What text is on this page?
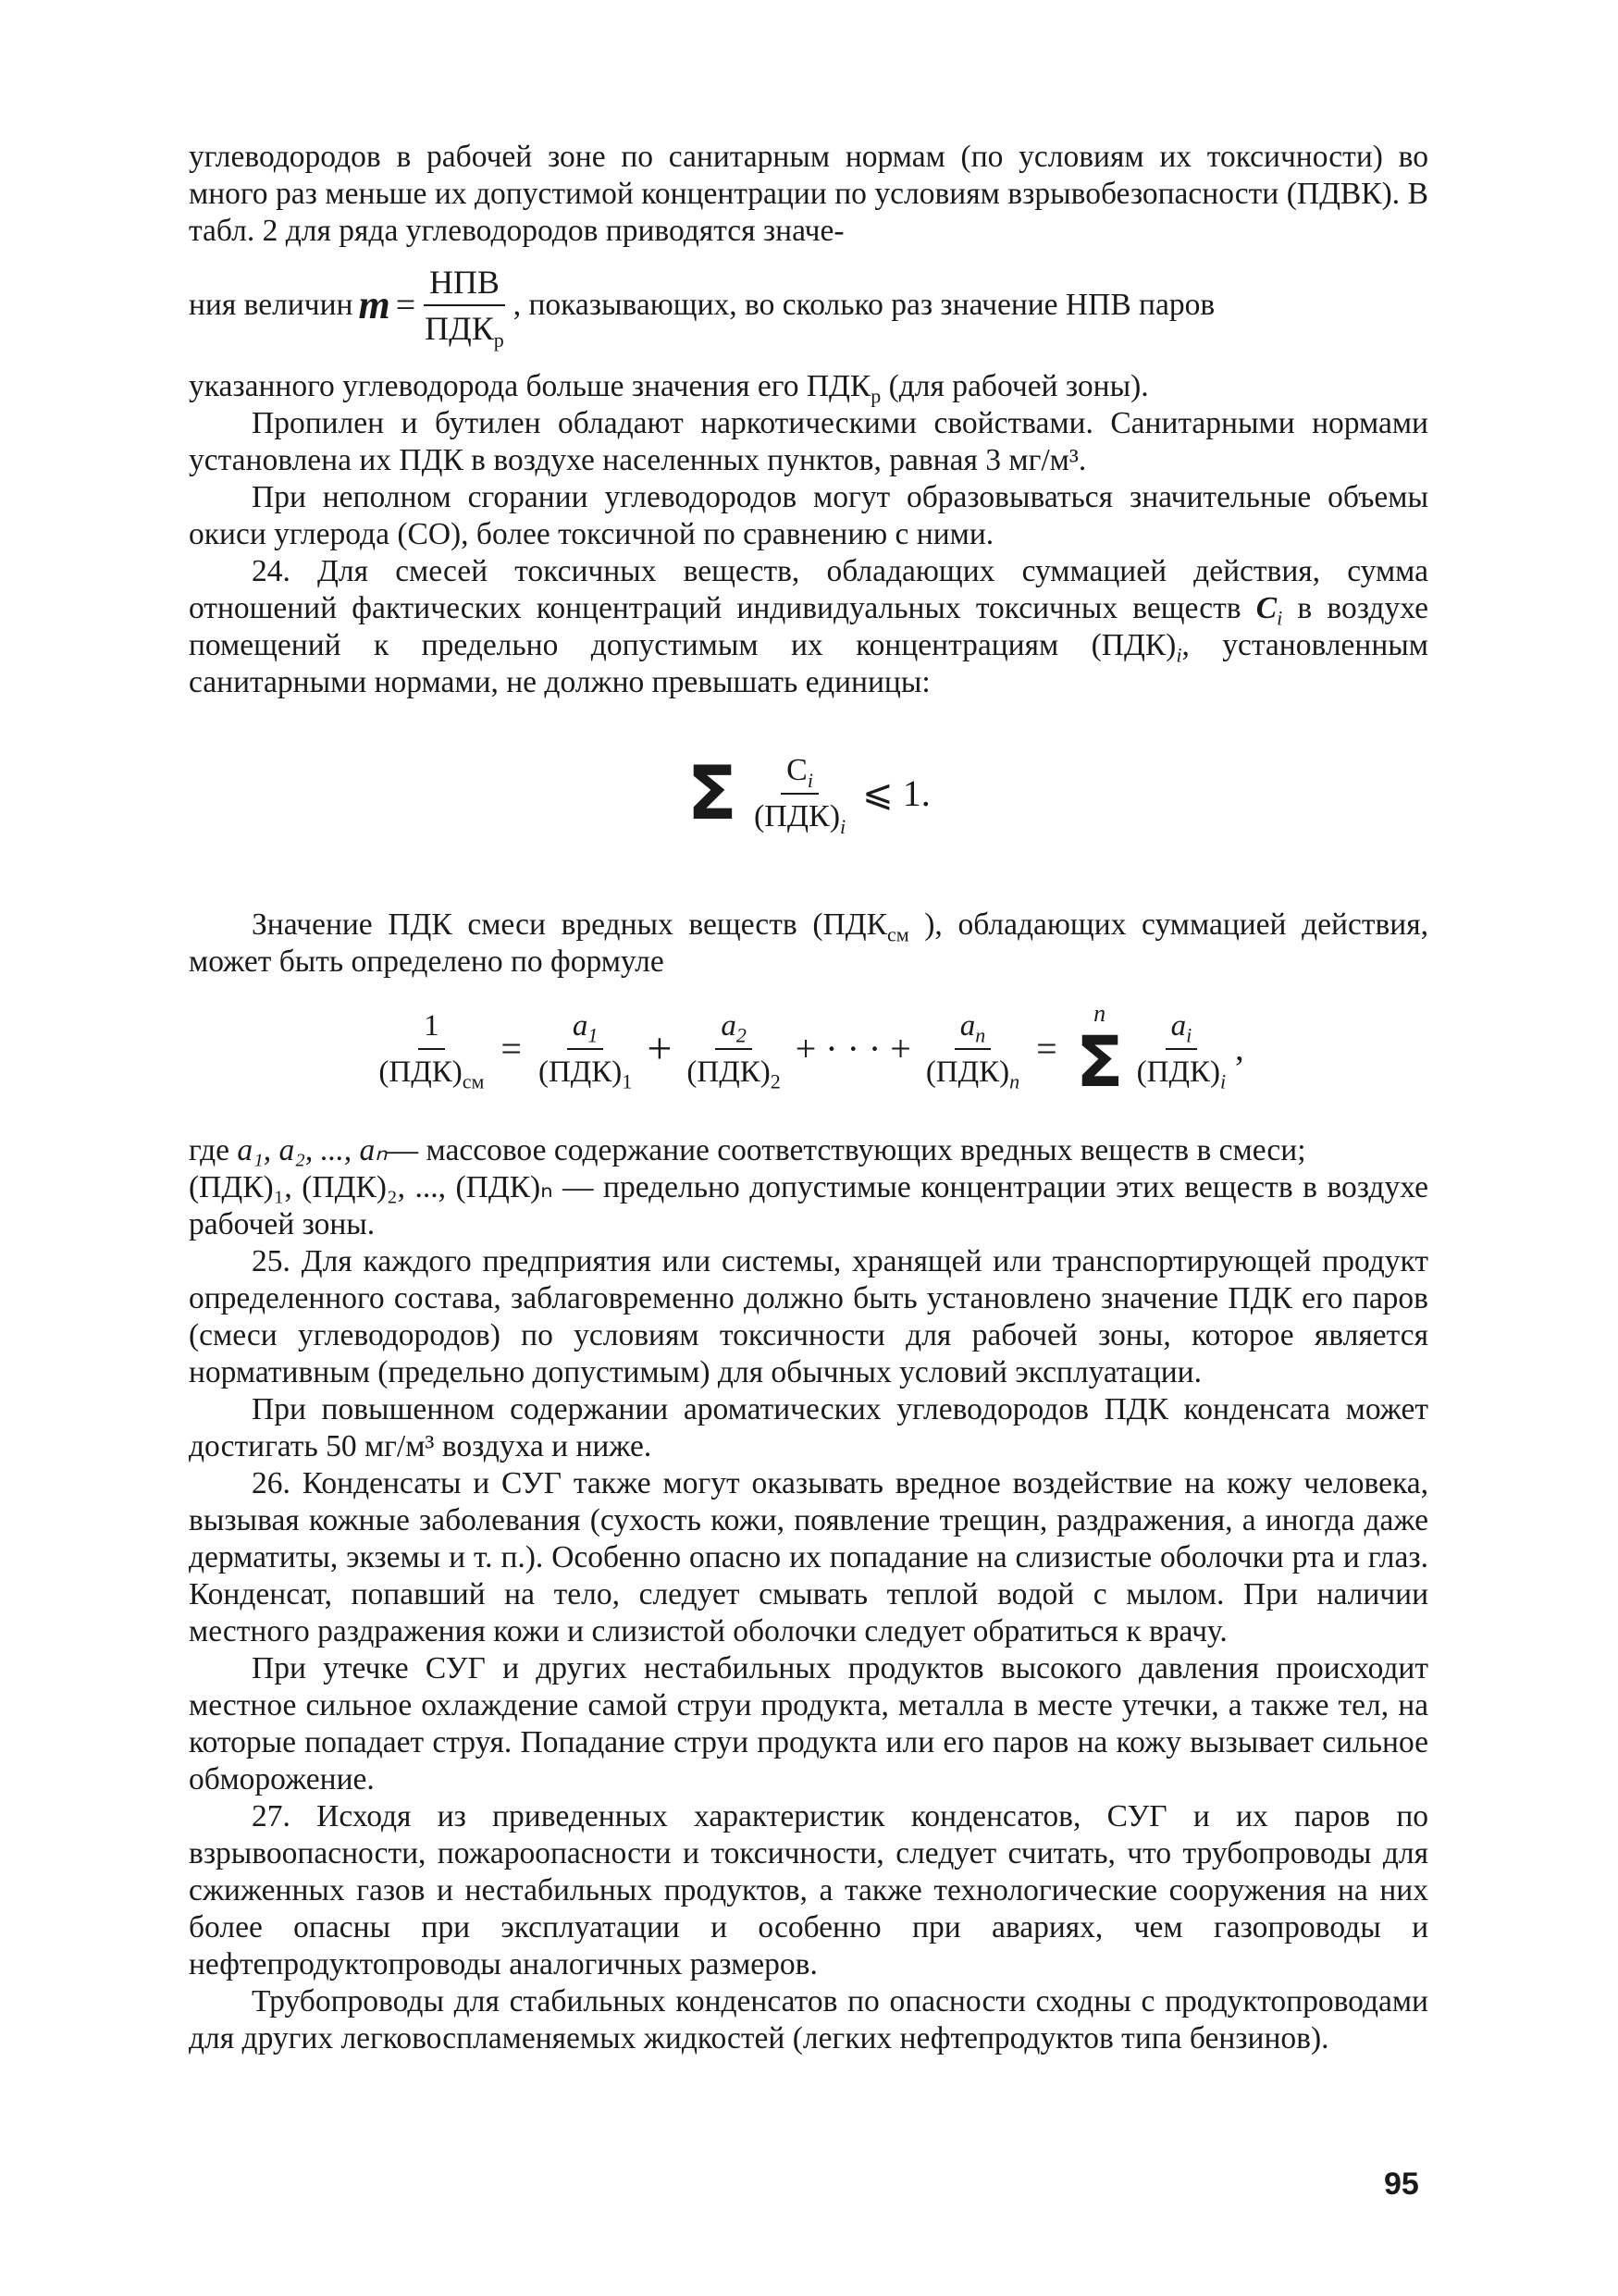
углеводородов в рабочей зоне по санитарным нормам (по условиям их токсичности) во много раз меньше их допустимой концентрации по условиям взрывобезопасности (ПДВК). В табл. 2 для ряда углеводородов приводятся значе-

ния величин $m = \frac{\text{НПВ}}{ПДК_р}$ , показывающих, во сколько раз значение НПВ паров

указанного углеводорода больше значения его $ПДК_р$ (для рабочей зоны).

Пропилен и бутилен обладают наркотическими свойствами. Санитарными нормами установлена их ПДК в воздухе населенных пунктов, равная 3 мг/м³.

При неполном сгорании углеводородов могут образовываться значительные объемы окиси углерода (СО), более токсичной по сравнению с ними.

24. Для смесей токсичных веществ, обладающих суммацией действия, сумма отношений фактических концентраций индивидуальных токсичных веществ $C_i$ в воздухе помещений к предельно допустимым их концентрациям $(ПДК)_i$, установленным санитарными нормами, не должно превышать единицы:

Σ $\frac{C_i}{(ПДК)_i}$ ⩽ 1.

Значение ПДК смеси вредных веществ ($ПДК_{см}$ ), обладающих суммацией действия, может быть определено по формуле

$\frac{1}{(ПДК)_{см}} = \frac{a_1}{(ПДК)_1} + \frac{a_2}{(ПДК)_2}$ + · · · + $\frac{a_n}{(ПДК)_n}$ =
n
Σ $\frac{a_i}{(ПДК)_i}$ ,

где a₁, a₂, ..., aₙ— массовое содержание соответствующих вредных веществ в смеси;

(ПДК)₁, (ПДК)₂, ..., (ПДК)ₙ — предельно допустимые концентрации этих веществ в воздухе рабочей зоны.

25. Для каждого предприятия или системы, хранящей или транспортирующей продукт определенного состава, заблаговременно должно быть установлено значение ПДК его паров (смеси углеводородов) по условиям токсичности для рабочей зоны, которое является нормативным (предельно допустимым) для обычных условий эксплуатации.

При повышенном содержании ароматических углеводородов ПДК конденсата может достигать 50 мг/м³ воздуха и ниже.

26. Конденсаты и СУГ также могут оказывать вредное воздействие на кожу человека, вызывая кожные заболевания (сухость кожи, появление трещин, раздражения, а иногда даже дерматиты, экземы и т. п.). Особенно опасно их попадание на слизистые оболочки рта и глаз. Конденсат, попавший на тело, следует смывать теплой водой с мылом. При наличии местного раздражения кожи и слизистой оболочки следует обратиться к врачу.

При утечке СУГ и других нестабильных продуктов высокого давления происходит местное сильное охлаждение самой струи продукта, металла в месте утечки, а также тел, на которые попадает струя. Попадание струи продукта или его паров на кожу вызывает сильное обморожение.

27. Исходя из приведенных характеристик конденсатов, СУГ и их паров по взрывоопасности, пожароопасности и токсичности, следует считать, что трубопроводы для сжиженных газов и нестабильных продуктов, а также технологические сооружения на них более опасны при эксплуатации и особенно при авариях, чем газопроводы и нефтепродуктопроводы аналогичных размеров.

Трубопроводы для стабильных конденсатов по опасности сходны с продуктопроводами для других легковоспламеняемых жидкостей (легких нефтепродуктов типа бензинов).

95
